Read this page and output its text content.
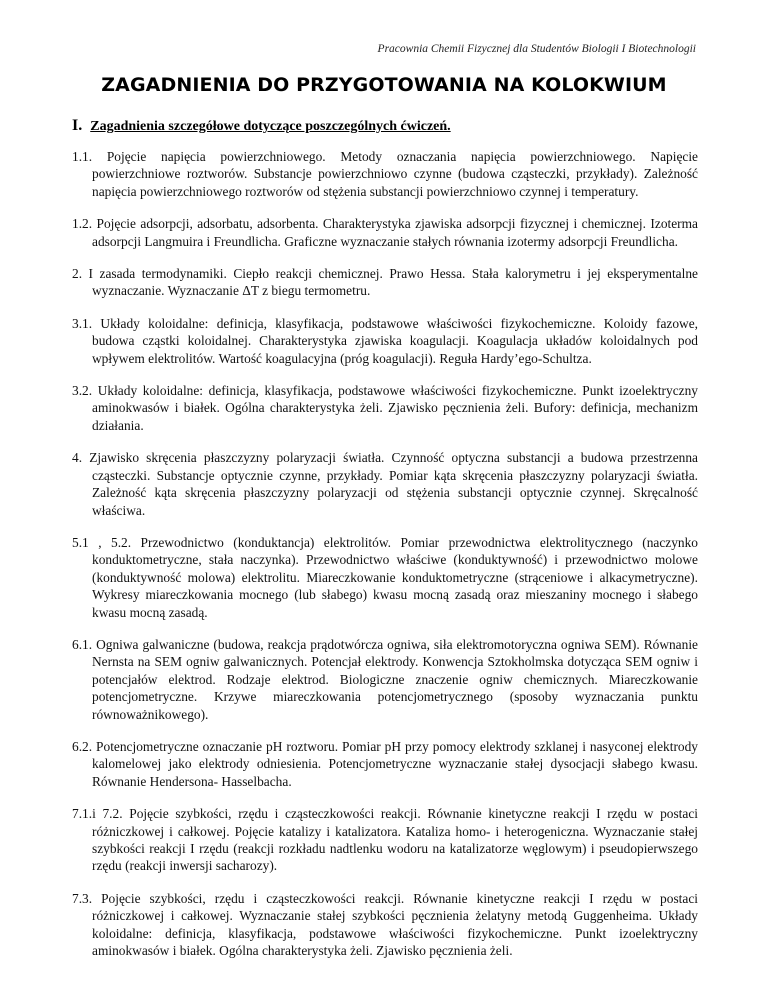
Pracownia Chemii Fizycznej dla Studentów Biologii I Biotechnologii
ZAGADNIENIA DO PRZYGOTOWANIA NA KOLOKWIUM
I. Zagadnienia szczegółowe dotyczące poszczególnych ćwiczeń.

1.1. Pojęcie napięcia powierzchniowego. Metody oznaczania napięcia powierzchniowego. Napięcie powierzchniowe roztworów. Substancje powierzchniowo czynne (budowa cząsteczki, przykłady). Zależność napięcia powierzchniowego roztworów od stężenia substancji powierzchniowo czynnej i temperatury.

1.2. Pojęcie adsorpcji, adsorbatu, adsorbenta. Charakterystyka zjawiska adsorpcji fizycznej i chemicznej. Izoterma adsorpcji Langmuira i Freundlicha. Graficzne wyznaczanie stałych równania izotermy adsorpcji Freundlicha.

2. I zasada termodynamiki. Ciepło reakcji chemicznej. Prawo Hessa. Stała kalorymetru i jej eksperymentalne wyznaczanie. Wyznaczanie ΔT z biegu termometru.

3.1. Układy koloidalne: definicja, klasyfikacja, podstawowe właściwości fizykochemiczne. Koloidy fazowe, budowa cząstki koloidalnej. Charakterystyka zjawiska koagulacji. Koagulacja układów koloidalnych pod wpływem elektrolitów. Wartość koagulacyjna (próg koagulacji). Reguła Hardy’ego-Schultza.

3.2. Układy koloidalne: definicja, klasyfikacja, podstawowe właściwości fizykochemiczne. Punkt izoelektryczny aminokwasów i białek. Ogólna charakterystyka żeli. Zjawisko pęcznienia żeli. Bufory: definicja, mechanizm działania.

4. Zjawisko skręcenia płaszczyzny polaryzacji światła. Czynność optyczna substancji a budowa przestrzenna cząsteczki. Substancje optycznie czynne, przykłady. Pomiar kąta skręcenia płaszczyzny polaryzacji światła. Zależność kąta skręcenia płaszczyzny polaryzacji od stężenia substancji optycznie czynnej. Skręcalność właściwa.

5.1 , 5.2. Przewodnictwo (konduktancja) elektrolitów. Pomiar przewodnictwa elektrolitycznego (naczynko konduktometryczne, stała naczynka). Przewodnictwo właściwe (konduktywność) i przewodnictwo molowe (konduktywność molowa) elektrolitu. Miareczkowanie konduktometryczne (strąceniowe i alkacymetryczne). Wykresy miareczkowania mocnego (lub słabego) kwasu mocną zasadą oraz mieszaniny mocnego i słabego kwasu mocną zasadą.

6.1. Ogniwa galwaniczne (budowa, reakcja prądotwórcza ogniwa, siła elektromotoryczna ogniwa SEM). Równanie Nernsta na SEM ogniw galwanicznych. Potencjał elektrody. Konwencja Sztokholmska dotycząca SEM ogniw i potencjałów elektrod. Rodzaje elektrod. Biologiczne znaczenie ogniw chemicznych. Miareczkowanie potencjometryczne. Krzywe miareczkowania potencjometrycznego (sposoby wyznaczania punktu równoważnikowego).

6.2. Potencjometryczne oznaczanie pH roztworu. Pomiar pH przy pomocy elektrody szklanej i nasyconej elektrody kalomelowej jako elektrody odniesienia. Potencjometryczne wyznaczanie stałej dysocjacji słabego kwasu. Równanie Hendersona- Hasselbacha.

7.1.i 7.2. Pojęcie szybkości, rzędu i cząsteczkowości reakcji. Równanie kinetyczne reakcji I rzędu w postaci różniczkowej i całkowej. Pojęcie katalizy i katalizatora. Kataliza homo- i heterogeniczna. Wyznaczanie stałej szybkości reakcji I rzędu (reakcji rozkładu nadtlenku wodoru na katalizatorze węglowym) i pseudopierwszego rzędu (reakcji inwersji sacharozy).

7.3. Pojęcie szybkości, rzędu i cząsteczkowości reakcji. Równanie kinetyczne reakcji I rzędu w postaci różniczkowej i całkowej. Wyznaczanie stałej szybkości pęcznienia żelatyny metodą Guggenheima. Układy koloidalne: definicja, klasyfikacja, podstawowe właściwości fizykochemiczne. Punkt izoelektryczny aminokwasów i białek. Ogólna charakterystyka żeli. Zjawisko pęcznienia żeli.
